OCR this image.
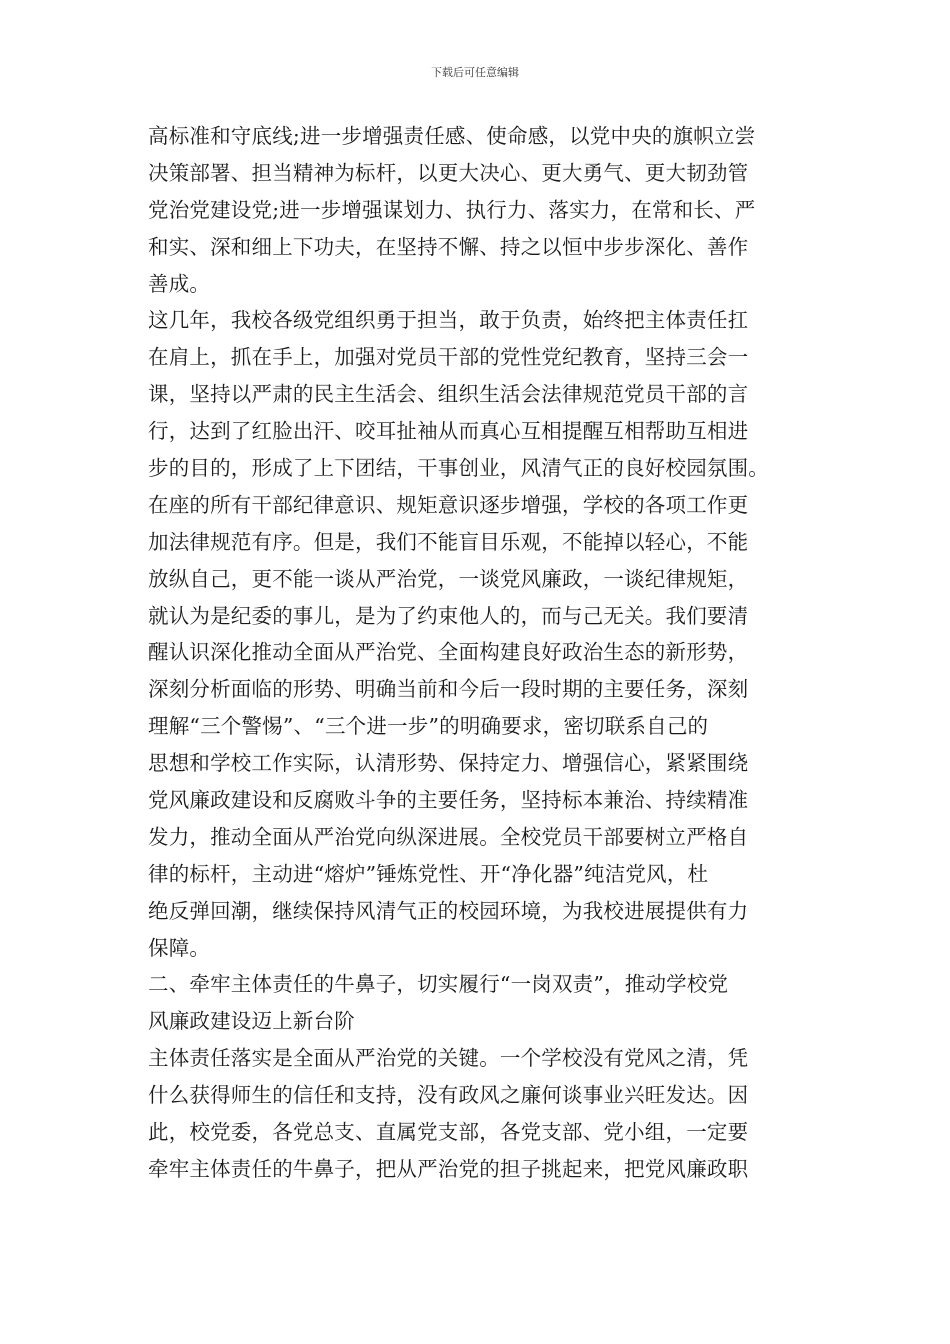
下载后可任意编辑
高标准和守底线;进一步增强责任感、使命感，以党中央的旗帜立尝
决策部署、担当精神为标杆，以更大决心、更大勇气、更大韧劲管
党治党建设党;进一步增强谋划力、执行力、落实力，在常和长、严
和实、深和细上下功夫，在坚持不懈、持之以恒中步步深化、善作
善成。
这几年，我校各级党组织勇于担当，敢于负责，始终把主体责任扛
在肩上，抓在手上，加强对党员干部的党性党纪教育，坚持三会一
课，坚持以严肃的民主生活会、组织生活会法律规范党员干部的言
行，达到了红脸出汗、咬耳扯袖从而真心互相提醒互相帮助互相进
步的目的，形成了上下团结，干事创业，风清气正的良好校园氛围。
在座的所有干部纪律意识、规矩意识逐步增强，学校的各项工作更
加法律规范有序。但是，我们不能盲目乐观，不能掉以轻心，不能
放纵自己，更不能一谈从严治党，一谈党风廉政，一谈纪律规矩，
就认为是纪委的事儿，是为了约束他人的，而与己无关。我们要清
醒认识深化推动全面从严治党、全面构建良好政治生态的新形势，
深刻分析面临的形势、明确当前和今后一段时期的主要任务，深刻
理解“三个警惕”、“三个进一步”的明确要求，密切联系自己的
思想和学校工作实际，认清形势、保持定力、增强信心，紧紧围绕
党风廉政建设和反腐败斗争的主要任务，坚持标本兼治、持续精准
发力，推动全面从严治党向纵深进展。全校党员干部要树立严格自
律的标杆，主动进“熔炉”锤炼党性、开“净化器”纯洁党风，杜
绝反弹回潮，继续保持风清气正的校园环境，为我校进展提供有力
保障。
二、牵牢主体责任的牛鼻子，切实履行“一岗双责”，推动学校党
风廉政建设迈上新台阶
主体责任落实是全面从严治党的关键。一个学校没有党风之清，凭
什么获得师生的信任和支持，没有政风之廉何谈事业兴旺发达。因
此，校党委，各党总支、直属党支部，各党支部、党小组，一定要
牵牢主体责任的牛鼻子，把从严治党的担子挑起来，把党风廉政职
